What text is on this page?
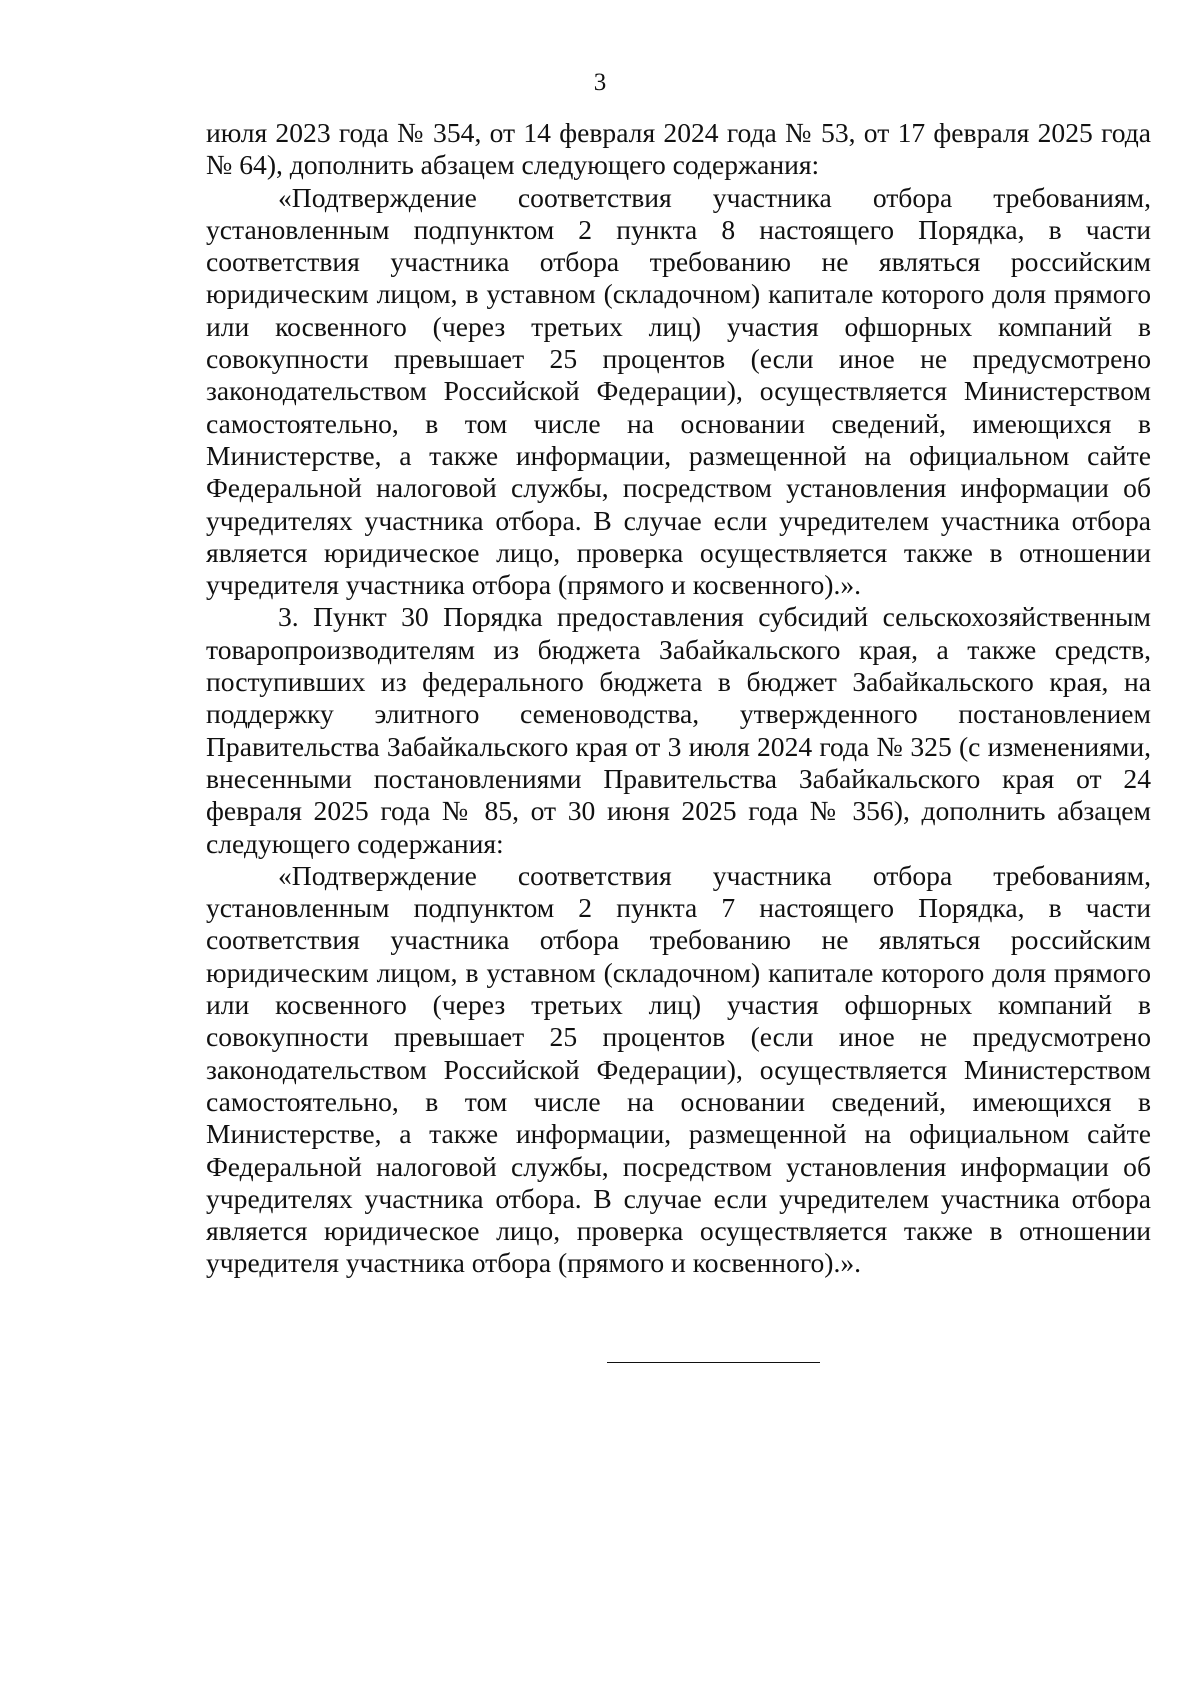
3

июля 2023 года № 354, от 14 февраля 2024 года № 53, от 17 февраля 2025 года № 64), дополнить абзацем следующего содержания:

«Подтверждение соответствия участника отбора требованиям, установленным подпунктом 2 пункта 8 настоящего Порядка, в части соответствия участника отбора требованию не являться российским юридическим лицом, в уставном (складочном) капитале которого доля прямого или косвенного (через третьих лиц) участия офшорных компаний в совокупности превышает 25 процентов (если иное не предусмотрено законодательством Российской Федерации), осуществляется Министерством самостоятельно, в том числе на основании сведений, имеющихся в Министерстве, а также информации, размещенной на официальном сайте Федеральной налоговой службы, посредством установления информации об учредителях участника отбора. В случае если учредителем участника отбора является юридическое лицо, проверка осуществляется также в отношении учредителя участника отбора (прямого и косвенного).».

3. Пункт 30 Порядка предоставления субсидий сельскохозяйственным товаропроизводителям из бюджета Забайкальского края, а также средств, поступивших из федерального бюджета в бюджет Забайкальского края, на поддержку элитного семеноводства, утвержденного постановлением Правительства Забайкальского края от 3 июля 2024 года № 325 (с изменениями, внесенными постановлениями Правительства Забайкальского края от 24 февраля 2025 года № 85, от 30 июня 2025 года № 356), дополнить абзацем следующего содержания:

«Подтверждение соответствия участника отбора требованиям, установленным подпунктом 2 пункта 7 настоящего Порядка, в части соответствия участника отбора требованию не являться российским юридическим лицом, в уставном (складочном) капитале которого доля прямого или косвенного (через третьих лиц) участия офшорных компаний в совокупности превышает 25 процентов (если иное не предусмотрено законодательством Российской Федерации), осуществляется Министерством самостоятельно, в том числе на основании сведений, имеющихся в Министерстве, а также информации, размещенной на официальном сайте Федеральной налоговой службы, посредством установления информации об учредителях участника отбора. В случае если учредителем участника отбора является юридическое лицо, проверка осуществляется также в отношении учредителя участника отбора (прямого и косвенного).».
